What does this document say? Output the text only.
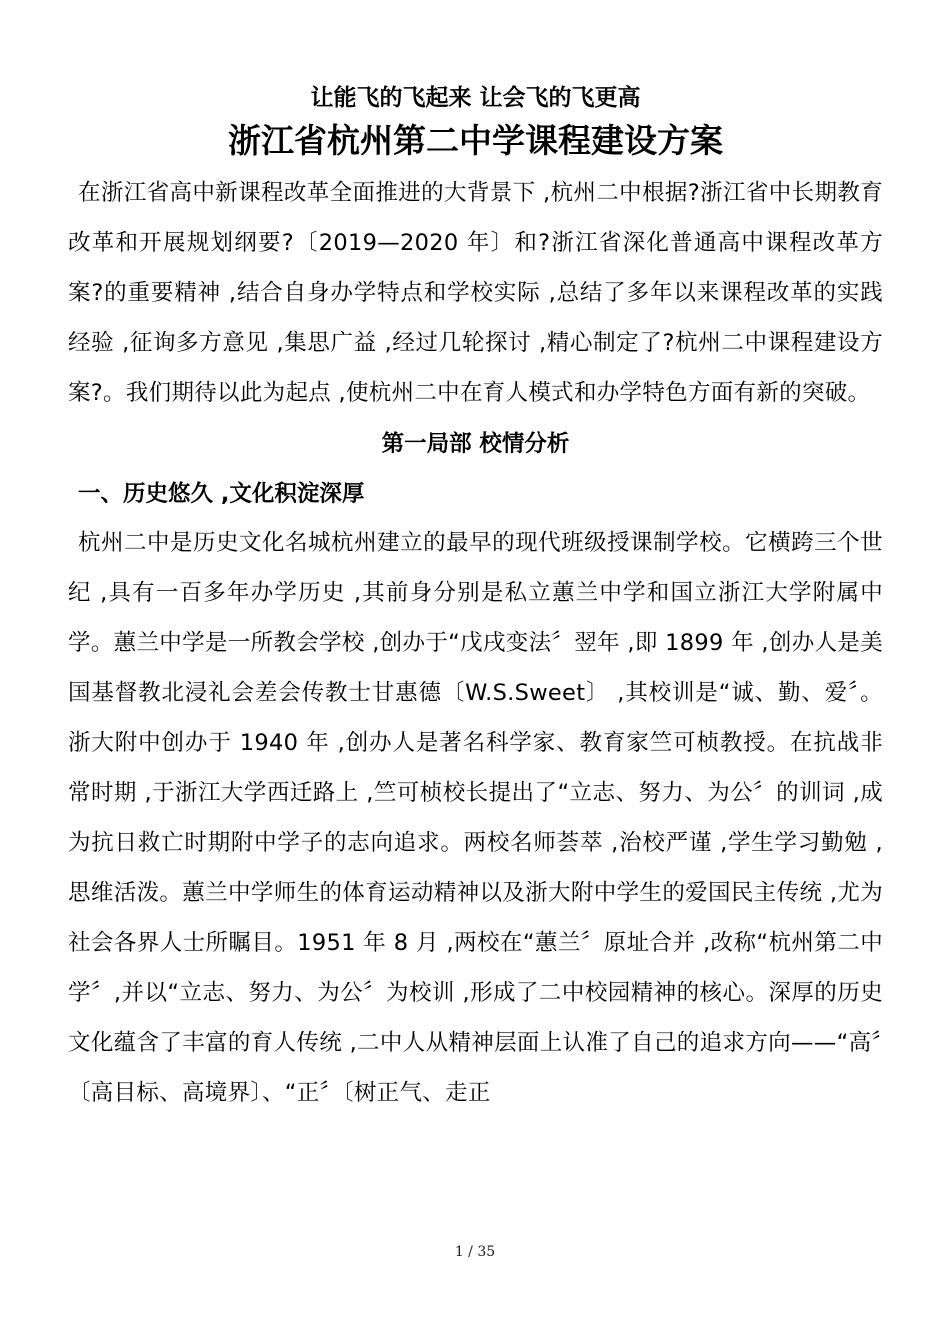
让能飞的飞起来 让会飞的飞更高

浙江省杭州第二中学课程建设方案

在浙江省高中新课程改革全面推进的大背景下 ,杭州二中根据?浙江省中长期教育改革和开展规划纲要?〔2019—2020 年〕和?浙江省深化普通高中课程改革方案?的重要精神 ,结合自身办学特点和学校实际 ,总结了多年以来课程改革的实践经验 ,征询多方意见 ,集思广益 ,经过几轮探讨 ,精心制定了?杭州二中课程建设方案?。我们期待以此为起点 ,使杭州二中在育人模式和办学特色方面有新的突破。

第一局部 校情分析
一、历史悠久 ,文化积淀深厚

杭州二中是历史文化名城杭州建立的最早的现代班级授课制学校。它横跨三个世纪 ,具有一百多年办学历史 ,其前身分别是私立蕙兰中学和国立浙江大学附属中学。蕙兰中学是一所教会学校 ,创办于“戊戌变法〞翌年 ,即 1899 年 ,创办人是美国基督教北浸礼会差会传教士甘惠德〔W.S.Sweet〕 ,其校训是“诚、勤、爱〞。浙大附中创办于 1940 年 ,创办人是著名科学家、教育家竺可桢教授。在抗战非常时期 ,于浙江大学西迁路上 ,竺可桢校长提出了“立志、努力、为公〞的训词 ,成为抗日救亡时期附中学子的志向追求。两校名师荟萃 ,治校严谨 ,学生学习勤勉 ,思维活泼。蕙兰中学师生的体育运动精神以及浙大附中学生的爱国民主传统 ,尤为社会各界人士所瞩目。1951 年 8 月 ,两校在“蕙兰〞原址合并 ,改称“杭州第二中学〞,并以“立志、努力、为公〞为校训 ,形成了二中校园精神的核心。深厚的历史文化蕴含了丰富的育人传统 ,二中人从精神层面上认准了自己的追求方向——“高〞〔高目标、高境界〕、“正〞〔树正气、走正

1 / 35
